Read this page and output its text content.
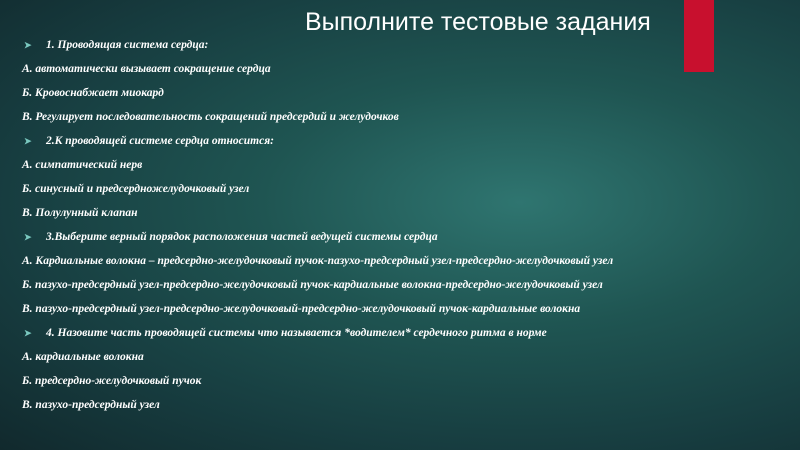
Выполните тестовые задания
➤ 1. Проводящая система сердца:
А. автоматически вызывает сокращение сердца
Б. Кровоснабжает миокард
В. Регулирует последовательность сокращений предсердий и желудочков
➤ 2.К проводящей системе сердца относится:
А. симпатический нерв
Б. синусный и предсердножелудочковый узел
В. Полулунный клапан
➤ 3.Выберите верный порядок расположения частей ведущей системы сердца
А. Кардиальные волокна – предсердно-желудочковый пучок-пазухо-предсердный узел-предсердно-желудочковый узел
Б. пазухо-предсердный узел-предсердно-желудочковый пучок-кардиальные волокна-предсердно-желудочковый узел
В. пазухо-предсердный узел-предсердно-желудочковый-предсердно-желудочковый пучок-кардиальные волокна
➤ 4. Назовите часть проводящей системы что называется *водителем* сердечного ритма в норме
А. кардиальные волокна
Б. предсердно-желудочковый пучок
В. пазухо-предсердный узел
